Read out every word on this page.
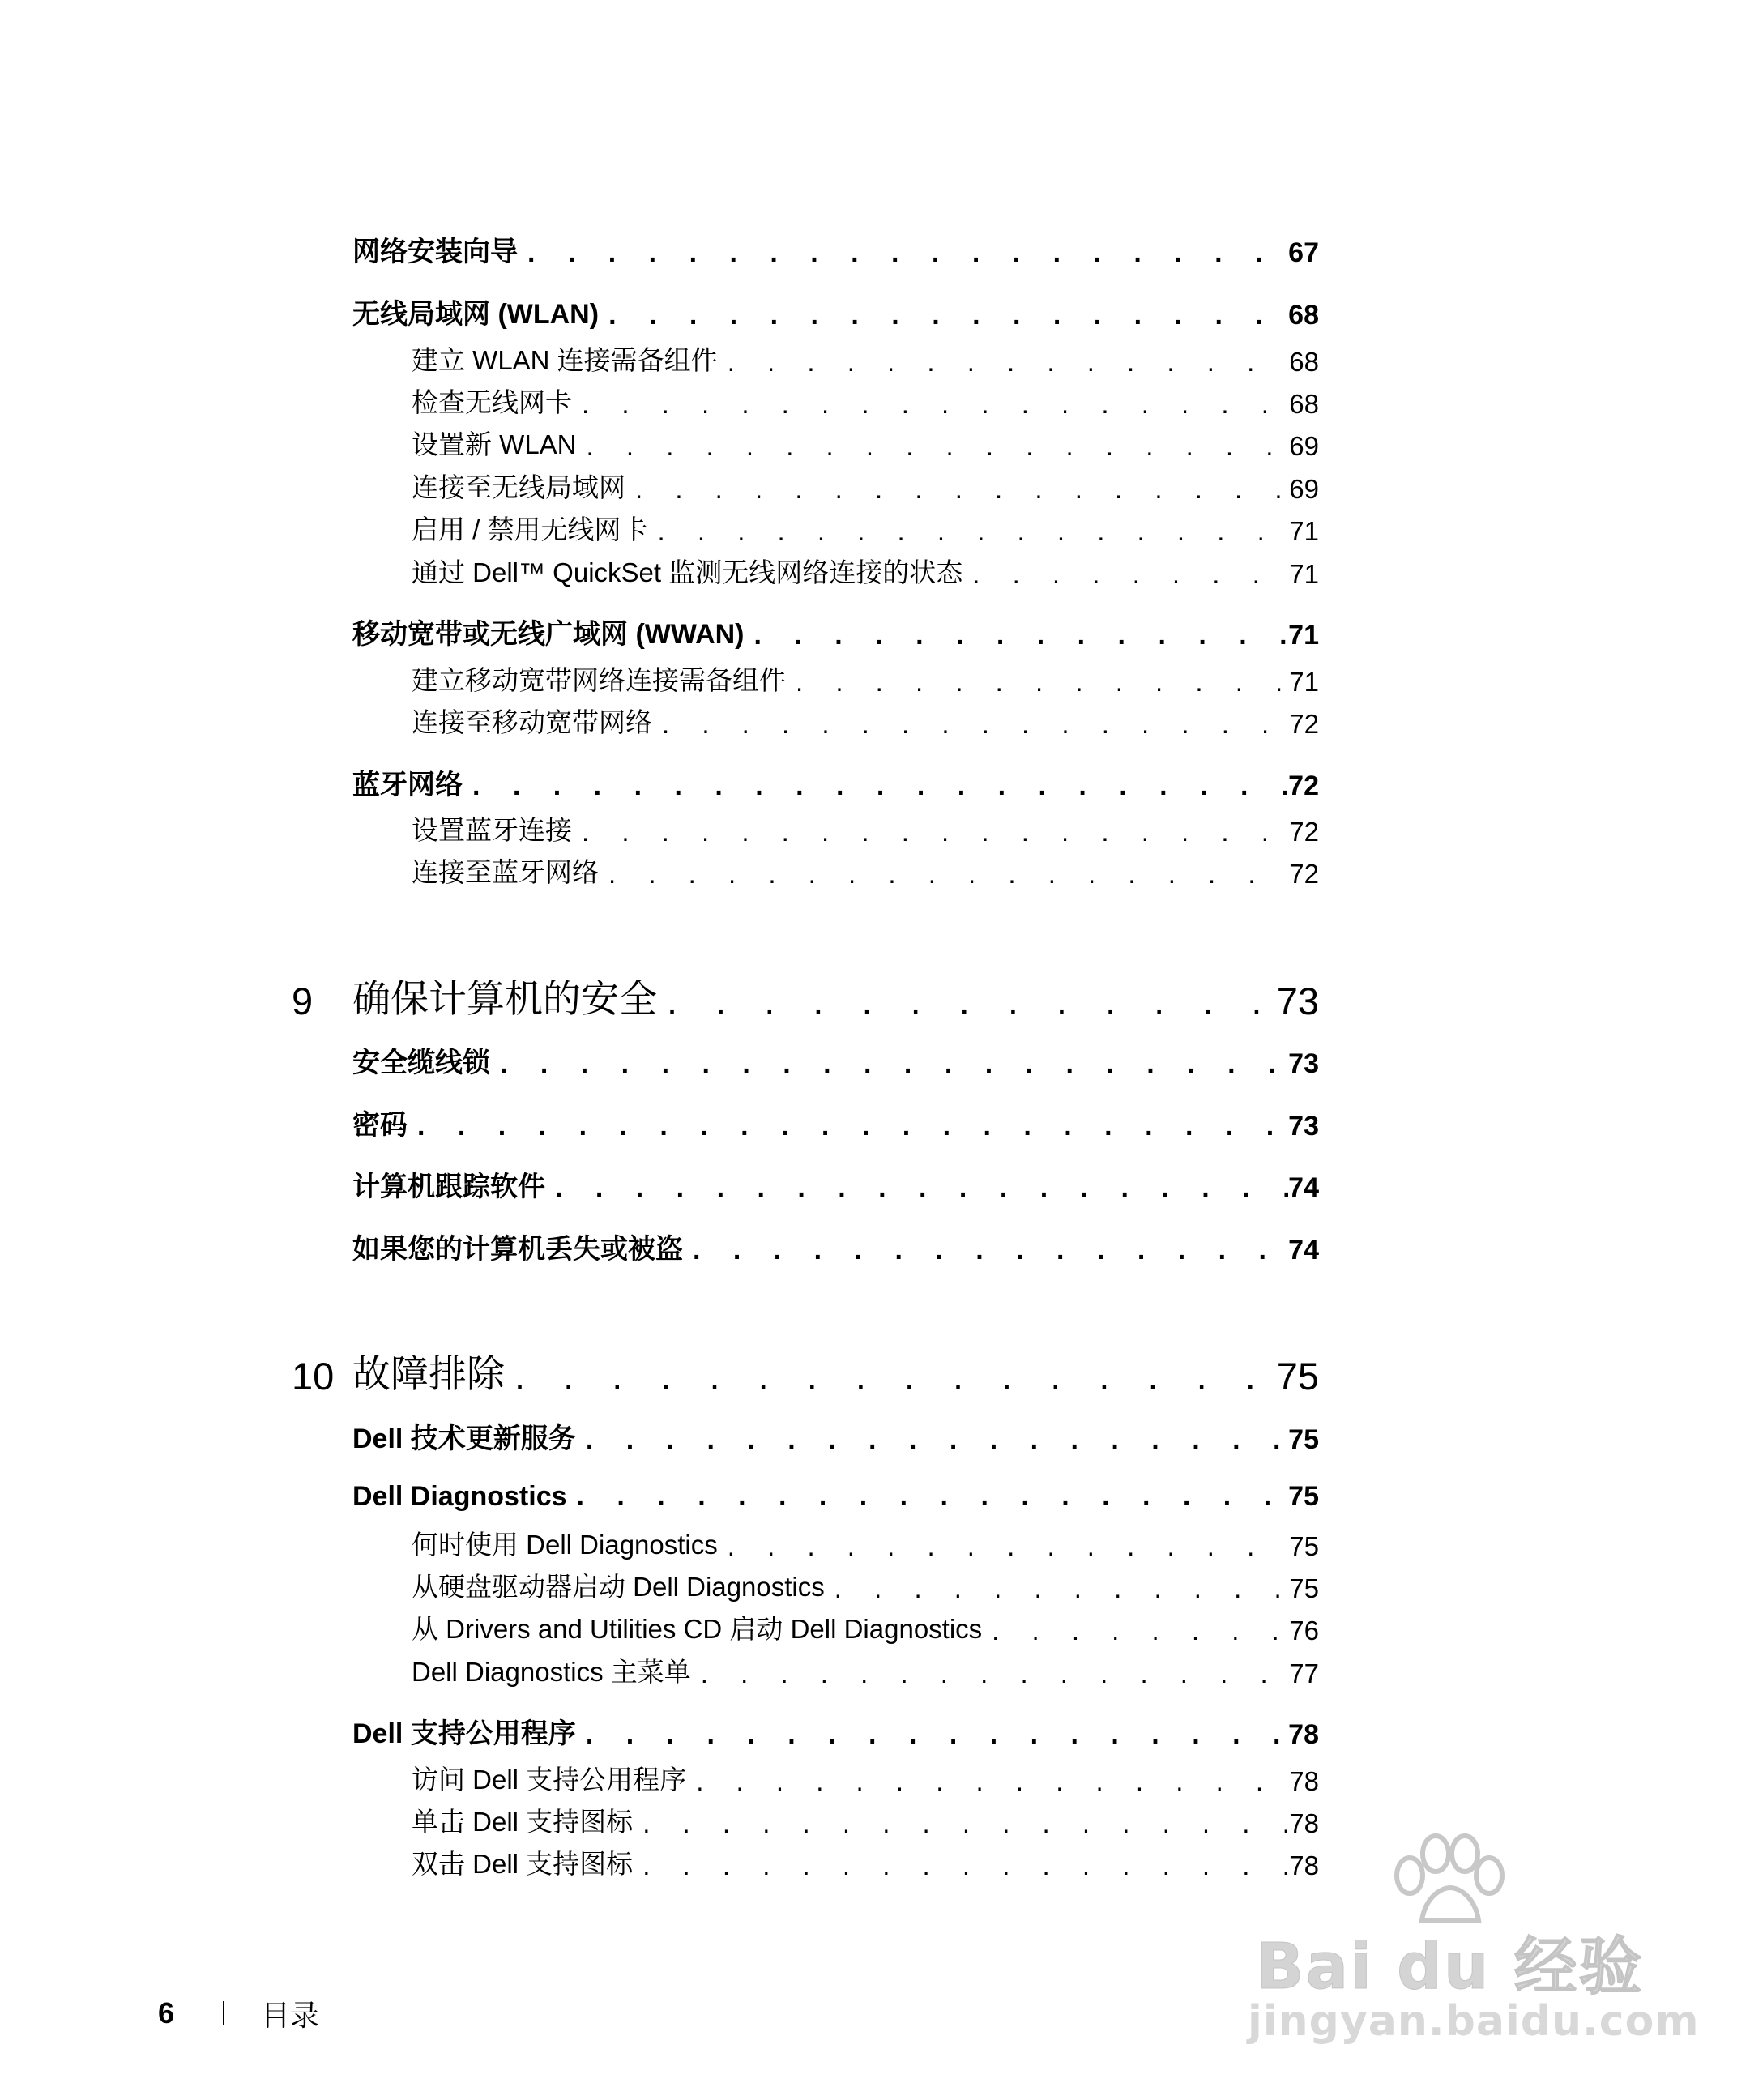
网络安装向导 . . .	67
无线局域网 (WLAN) . . .	68
建立 WLAN 连接需备组件 . . .	68
检查无线网卡 . . .	68
设置新 WLAN . . .	69
连接至无线局域网 . . .	69
启用 / 禁用无线网卡 . . .	71
通过 Dell™ QuickSet 监测无线网络连接的状态 . . .	71
移动宽带或无线广域网 (WWAN) . . .	71
建立移动宽带网络连接需备组件 . . .	71
连接至移动宽带网络 . . .	72
蓝牙网络 . . .	72
设置蓝牙连接 . . .	72
连接至蓝牙网络 . . .	72
9	确保计算机的安全 . . .	73
安全缆线锁 . . .	73
密码 . . .	73
计算机跟踪软件 . . .	74
如果您的计算机丢失或被盗 . . .	74
10 故障排除 . . .	75
Dell 技术更新服务 . . .	75
Dell Diagnostics . . .	75
何时使用 Dell Diagnostics . . .	75
从硬盘驱动器启动 Dell Diagnostics . . .	75
从 Drivers and Utilities CD 启动 Dell Diagnostics . . .	76
Dell Diagnostics 主菜单 . . .	77
Dell 支持公用程序 . . .	78
访问 Dell 支持公用程序 . . .	78
单击 Dell 支持图标 . . .	78
双击 Dell 支持图标 . . .	78
6	目录
Bai du 经验
jingyan.baidu.com
